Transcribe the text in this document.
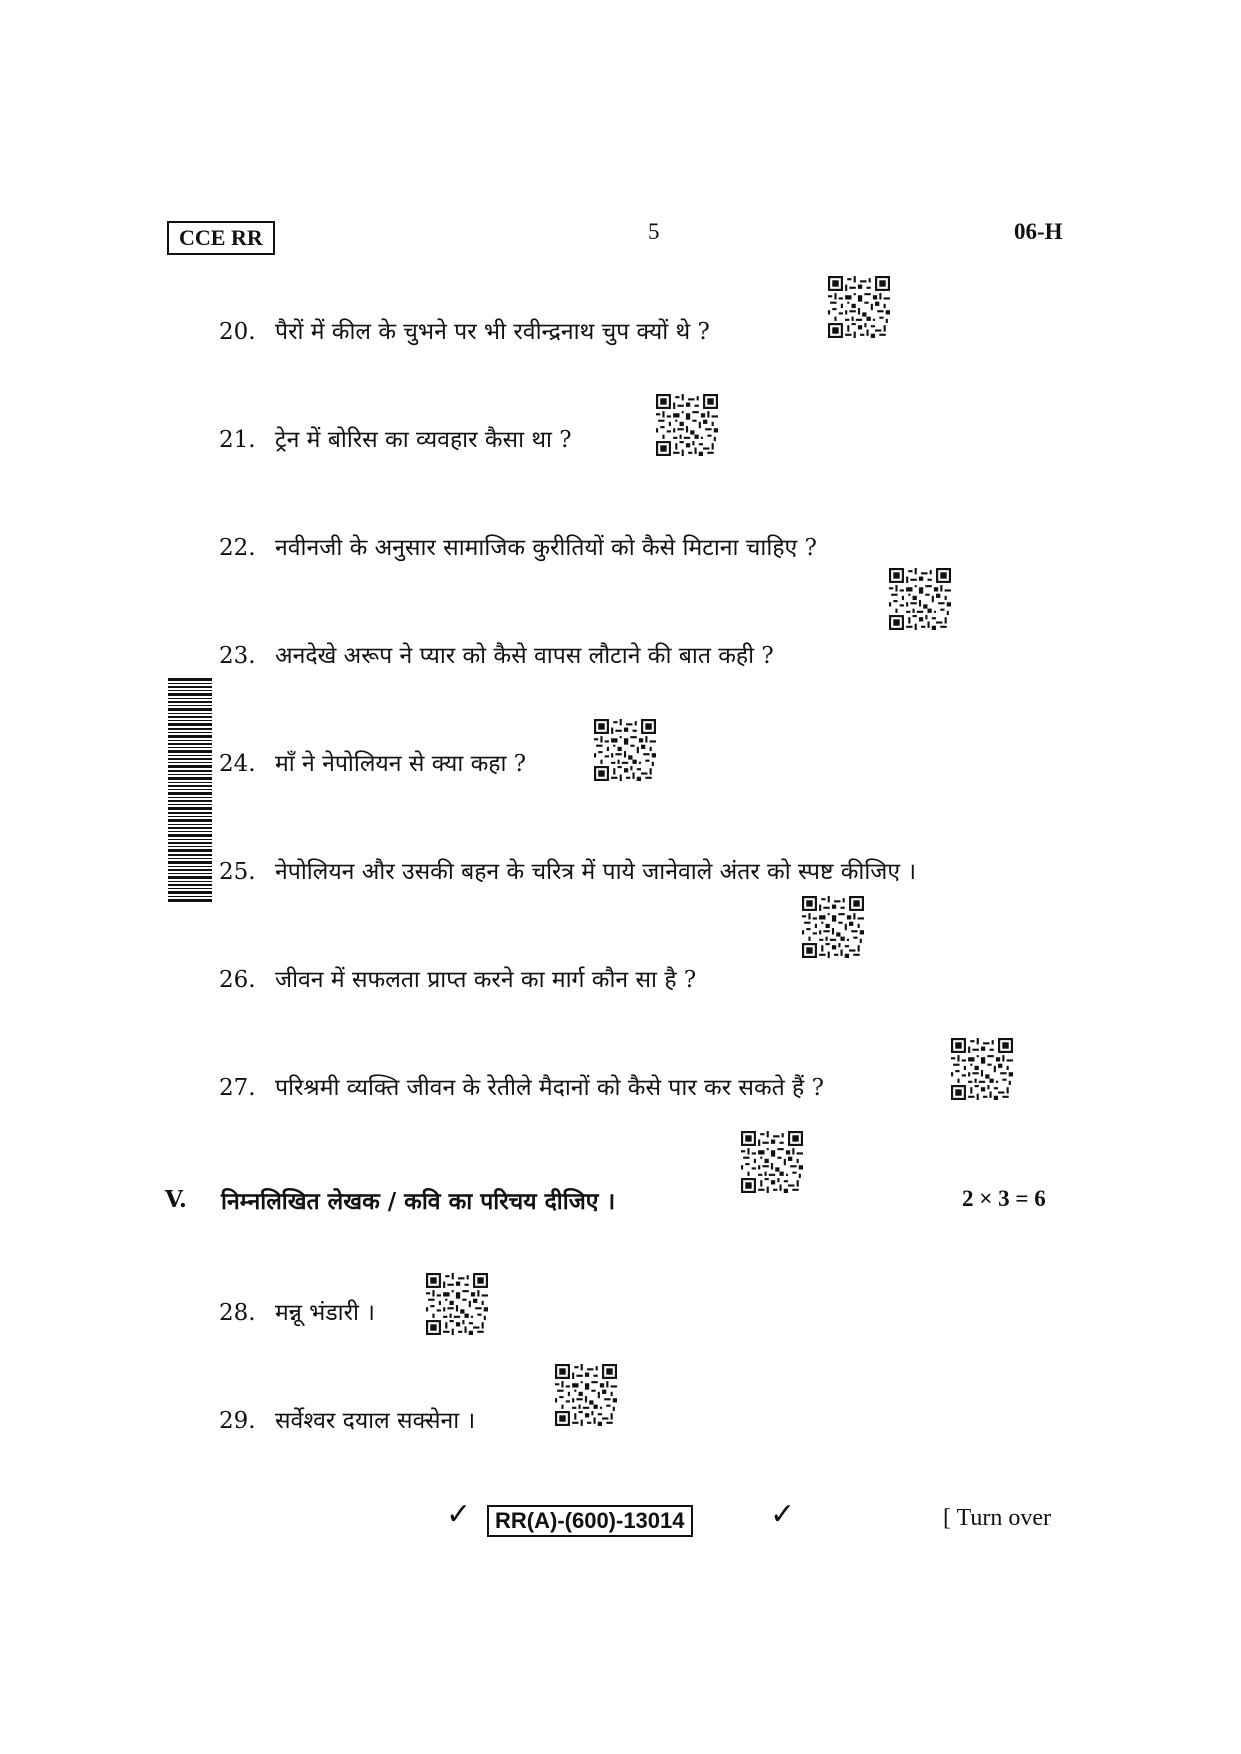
CCE RR	5	06-H
20. पैरों में कील के चुभने पर भी रवीन्द्रनाथ चुप क्यों थे ?
21. ट्रेन में बोरिस का व्यवहार कैसा था ?
22. नवीनजी के अनुसार सामाजिक कुरीतियों को कैसे मिटाना चाहिए ?
23. अनदेखे अरूप ने प्यार को कैसे वापस लौटाने की बात कही ?
24. माँ ने नेपोलियन से क्या कहा ?
25. नेपोलियन और उसकी बहन के चरित्र में पाये जानेवाले अंतर को स्पष्ट कीजिए ।
26. जीवन में सफलता प्राप्त करने का मार्ग कौन सा है ?
27. परिश्रमी व्यक्ति जीवन के रेतीले मैदानों को कैसे पार कर सकते हैं ?
V. निम्नलिखित लेखक / कवि का परिचय दीजिए ।	2 × 3 = 6
28. मन्नू भंडारी ।
29. सर्वेश्वर दयाल सक्सेना ।
✓	RR(A)-(600)-13014	✓	[ Turn over
